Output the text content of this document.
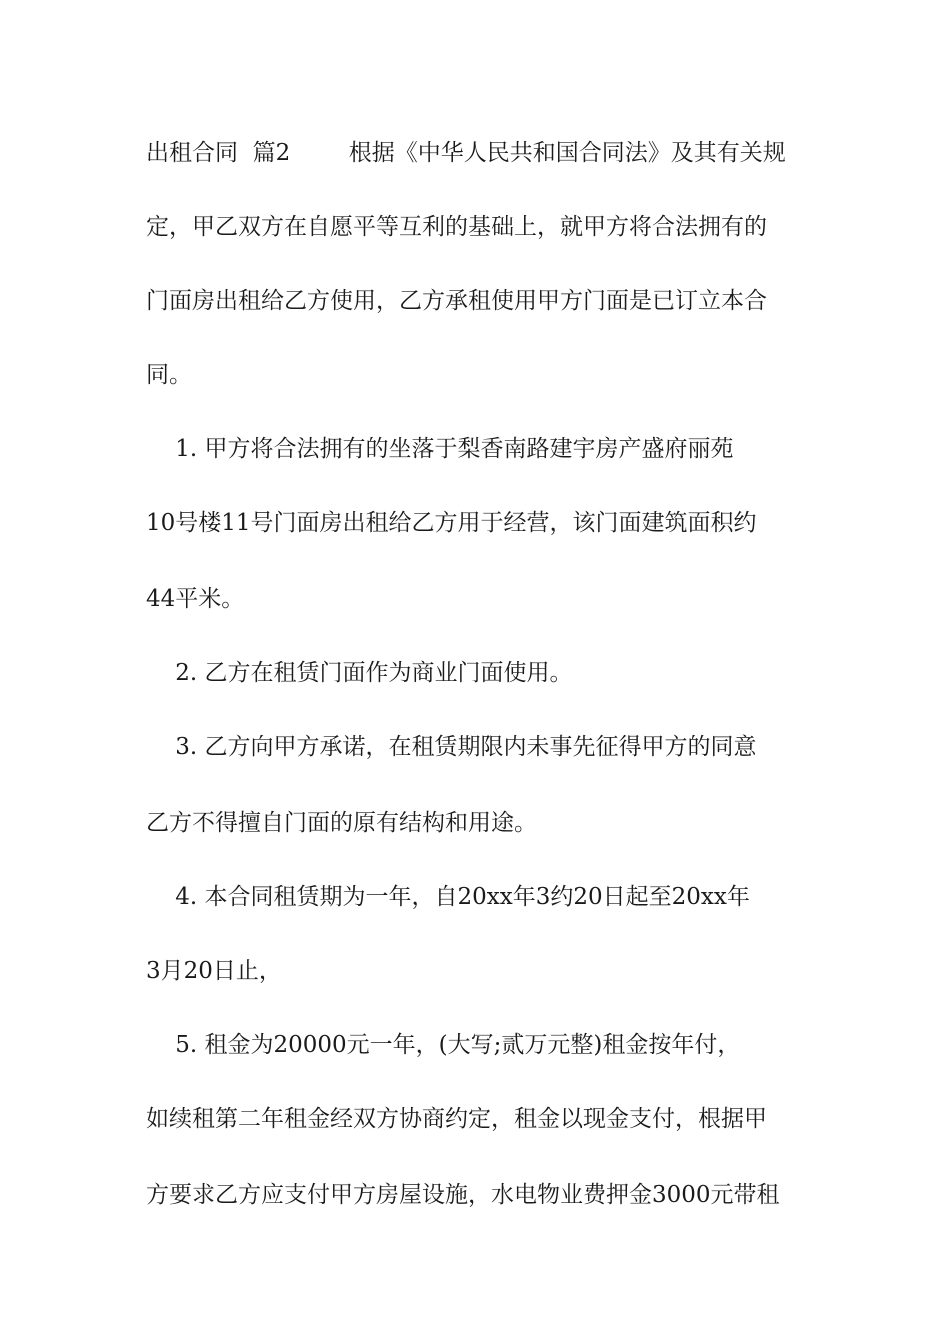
出租合同  篇2        根据《中华人民共和国合同法》及其有关规
定，甲乙双方在自愿平等互利的基础上，就甲方将合法拥有的
门面房出租给乙方使用，乙方承租使用甲方门面是已订立本合
同。
1. 甲方将合法拥有的坐落于梨香南路建宇房产盛府丽苑
10号楼11号门面房出租给乙方用于经营，该门面建筑面积约
44平米。
2. 乙方在租赁门面作为商业门面使用。
3. 乙方向甲方承诺，在租赁期限内未事先征得甲方的同意
乙方不得擅自门面的原有结构和用途。
4. 本合同租赁期为一年，自20xx年3约20日起至20xx年
3月20日止，
5. 租金为20000元一年，(大写;贰万元整)租金按年付，
如续租第二年租金经双方协商约定，租金以现金支付，根据甲
方要求乙方应支付甲方房屋设施，水电物业费押金3000元带租
